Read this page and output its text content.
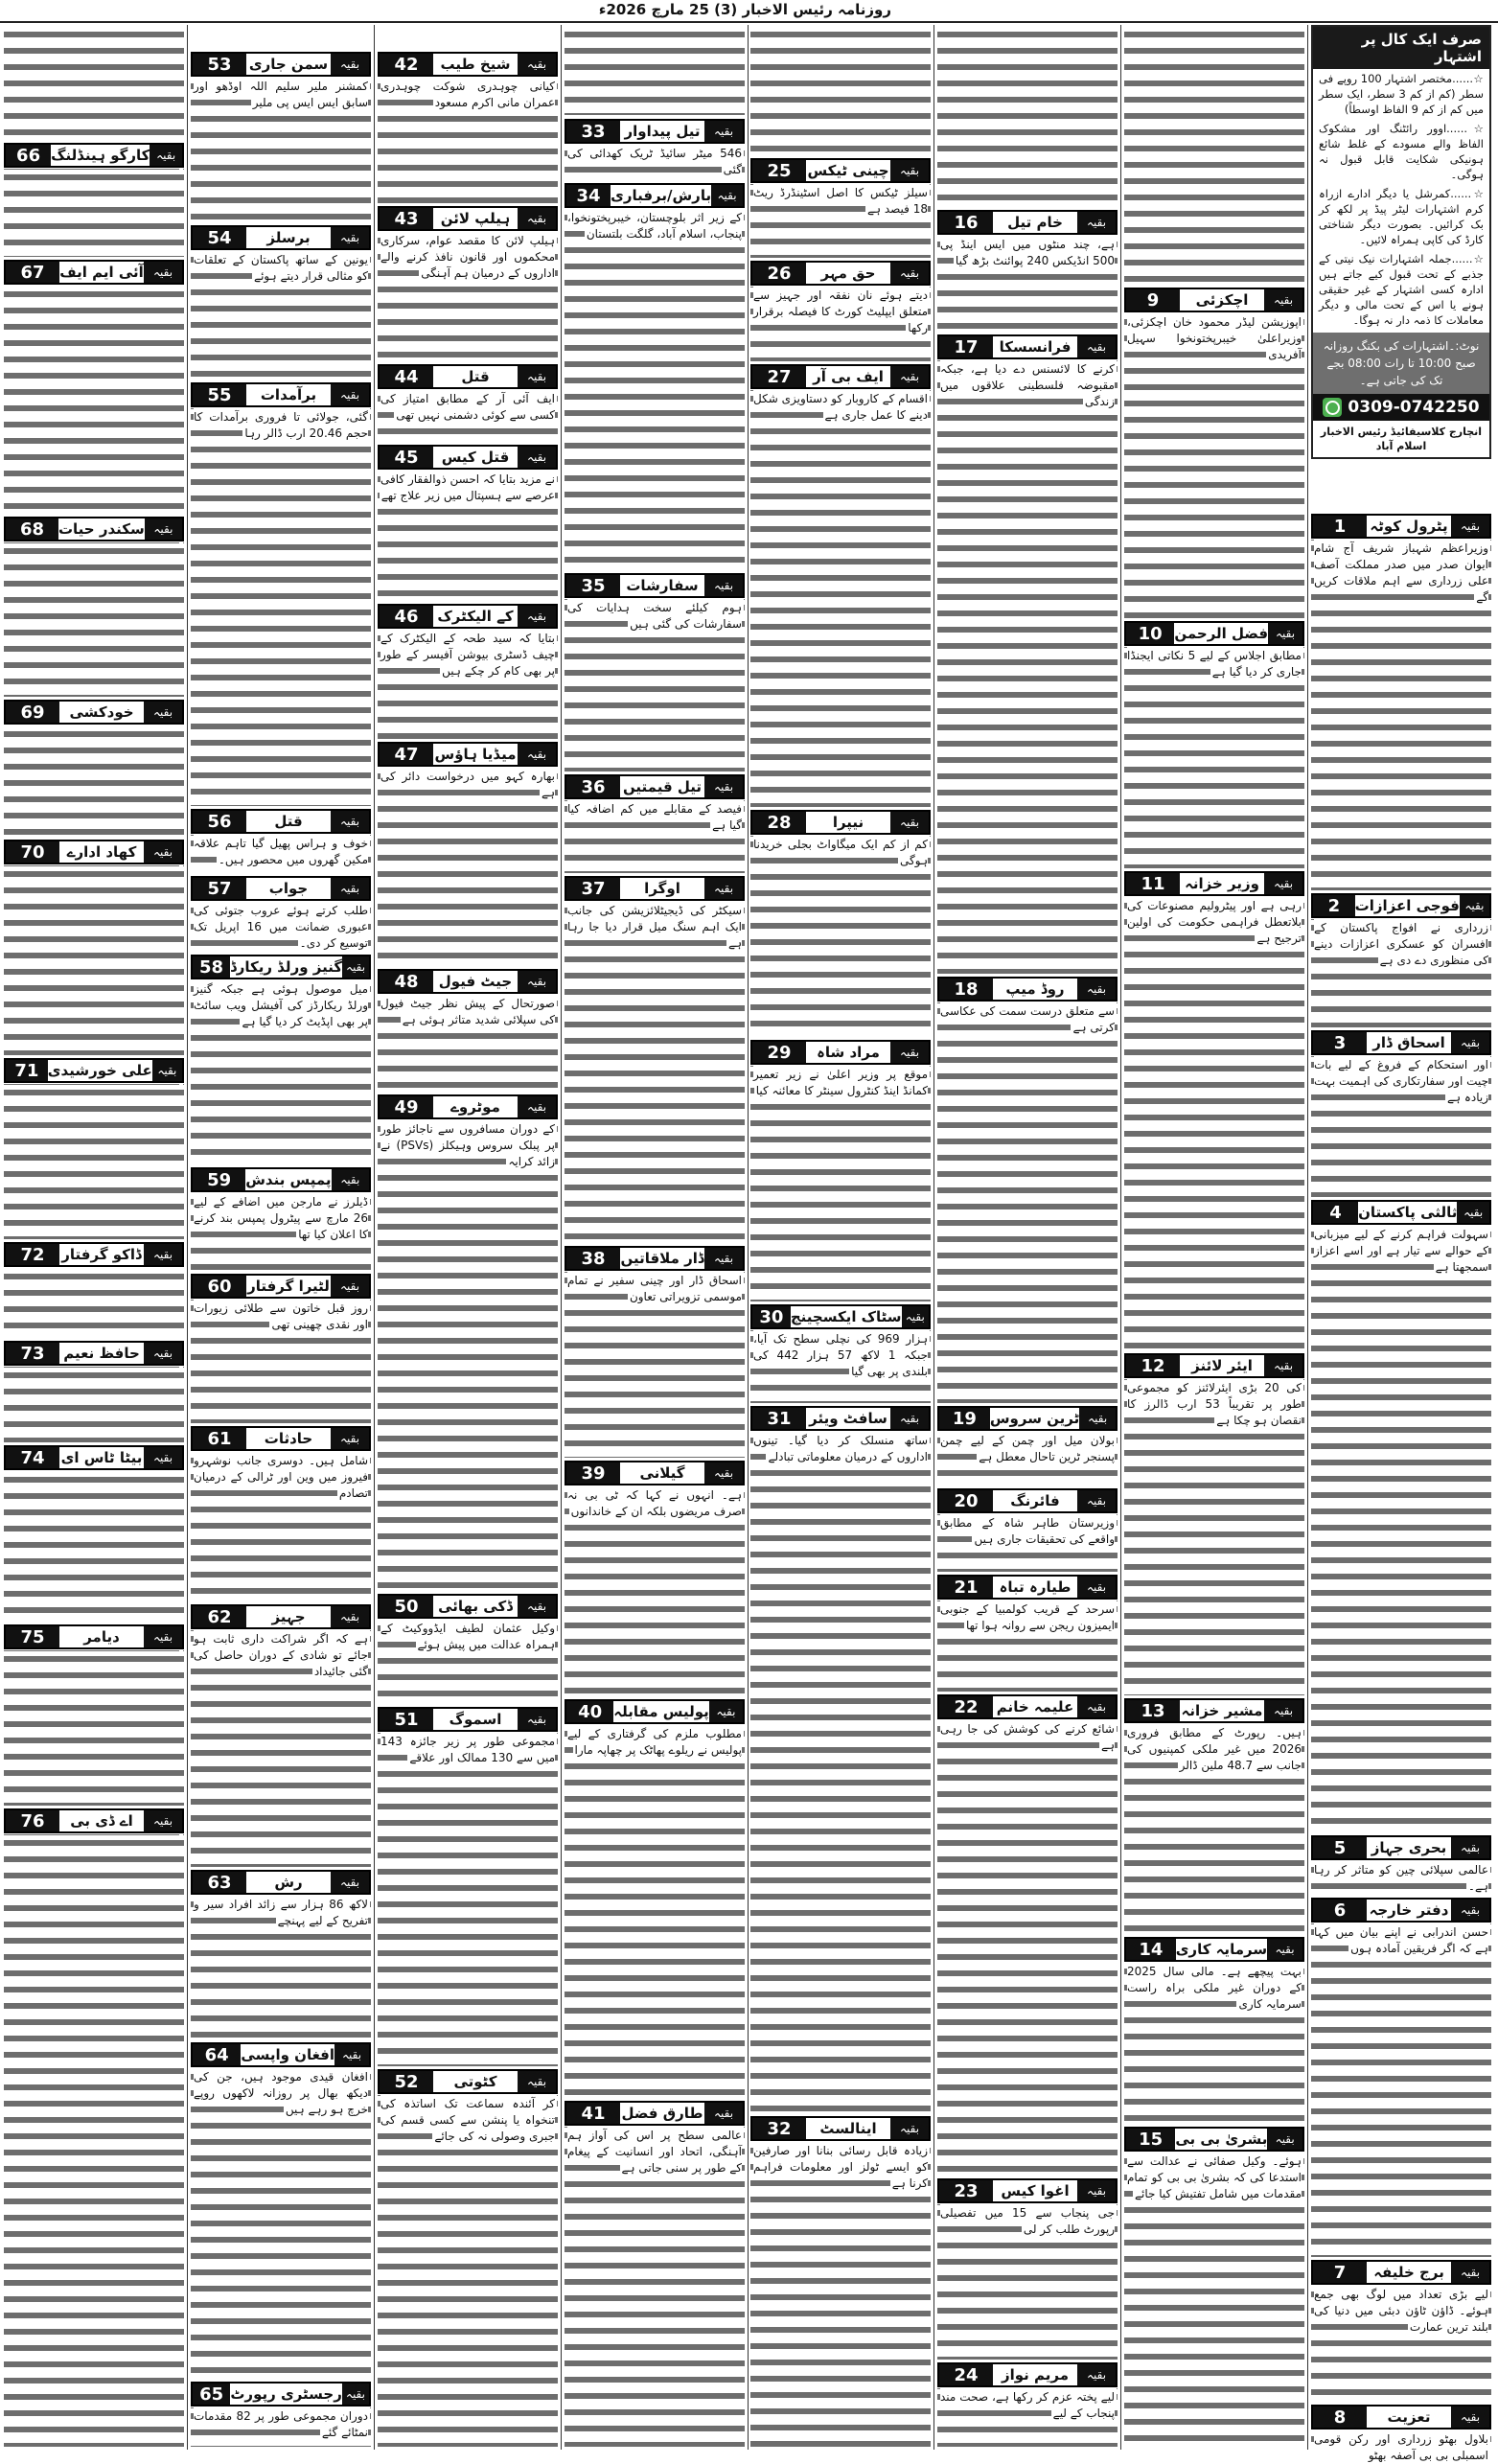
صرف ایک کال پر اشتہار
☆......مختصر اشتہار 100 روپے فی سطر (کم از کم 3 سطر، ایک سطر میں کم از کم 9 الفاظ اوسطاً)
☆......اوور رائٹنگ اور مشکوک الفاظ والے مسودے کے غلط شائع ہونیکی شکایت قابل قبول نہ ہوگی۔
☆......کمرشل یا دیگر ادارے ازراہ کرم اشتہارات لیٹر پیڈ پر لکھ کر بک کرائیں۔ بصورت دیگر شناختی کارڈ کی کاپی ہمراہ لائیں۔
☆......جملہ اشتہارات نیک نیتی کے جذبے کے تحت قبول کیے جاتے ہیں ادارہ کسی اشتہار کے غیر حقیقی ہونے یا اس کے تحت مالی و دیگر معاملات کا ذمہ دار نہ ہوگا۔
نوٹ:۔اشتہارات کی بکنگ روزانہ صبح 10:00 تا رات 08:00 بجے تک کی جاتی ہے۔
0309-0742250
انچارج کلاسیفائیڈ رئیس الاخبار اسلام آباد
1	پٹرول کوٹہ	بقیہ
وزیراعظم شہباز شریف آج شام ایوان صدر میں صدر مملکت آصف علی زرداری سے اہم ملاقات کریں گے
2	فوجی اعزازات بقیہ
زرداری نے افواج پاکستان کے افسران کو عسکری اعزازات دینے کی منظوری دے دی ہے
3	اسحاق ڈار	بقیہ
اور استحکام کے فروغ کے لیے بات چیت اور سفارتکاری کی اہمیت بہت زیادہ ہے
4	ثالثی پاکستان بقیہ
سہولت فراہم کرنے کے لیے میزبانی کے حوالے سے تیار ہے اور اسے اعزاز سمجھتا ہے
5	بحری جہاز	بقیہ
عالمی سپلائی چین کو متاثر کر رہا ہے۔
6	دفتر خارجہ	بقیہ
حسن اندرابی نے اپنے بیان میں کہا ہے کہ اگر فریقین آمادہ ہوں
7	برج خلیفہ	بقیہ
لیے بڑی تعداد میں لوگ بھی جمع ہوئے۔ ڈاؤن ٹاؤن دبئی میں دنیا کی بلند ترین عمارت
8	تعزیت	بقیہ
بلاول بھٹو زرداری اور رکن قومی اسمبلی بی بی آصفہ بھٹو
9	اچکزئی	بقیہ
اپوزیشن لیڈر محمود خان اچکزئی، وزیراعلیٰ خیبرپختونخوا سہیل آفریدی
10 فضل الرحمن بقیہ
مطابق اجلاس کے لیے 5 نکاتی ایجنڈا جاری کر دیا گیا ہے
11	وزیر خزانہ	بقیہ
رہی ہے اور پیٹرولیم مصنوعات کی بلاتعطل فراہمی حکومت کی اولین ترجیح ہے
12	ایئر لائنز	بقیہ
کی 20 بڑی ایئرلائنز کو مجموعی طور پر تقریباً 53 ارب ڈالرز کا نقصان ہو چکا ہے
13	مشیر خزانہ بقیہ
ہیں۔ رپورٹ کے مطابق فروری 2026 میں غیر ملکی کمپنیوں کی جانب سے 48.7 ملین ڈالر
14 سرمایہ کاری بقیہ
بہت پیچھے ہے۔ مالی سال 2025 کے دوران غیر ملکی براہ راست سرمایہ کاری
15 بشریٰ بی بی بقیہ
ہوئے۔ وکیل صفائی نے عدالت سے استدعا کی کہ بشریٰ بی بی کو تمام مقدمات میں شامل تفتیش کیا جائے
16	خام تیل	بقیہ
ہے، چند منٹوں میں ایس اینڈ پی 500 انڈیکس 240 پوائنٹ بڑھ گیا
17	فرانسسکا	بقیہ
کرنے کا لائسنس دے دیا ہے، جبکہ مقبوضہ فلسطینی علاقوں میں زندگی
18	روڈ میپ	بقیہ
سے متعلق درست سمت کی عکاسی کرتی ہے
19 ٹرین سروس بقیہ
بولان میل اور چمن کے لیے چمن پسنجر ٹرین تاحال معطل ہے
20	فائرنگ	بقیہ
وزیرستان طاہر شاہ کے مطابق واقعے کی تحقیقات جاری ہیں
21	طیارہ تباہ	بقیہ
سرحد کے قریب کولمبیا کے جنوبی ایمیزون ریجن سے روانہ ہوا تھا
22	علیمہ خانم	بقیہ
شائع کرنے کی کوشش کی جا رہی ہے
23	اغوا کیس	بقیہ
جی پنجاب سے 15 میں تفصیلی رپورٹ طلب کر لی
24	مریم نواز	بقیہ
لیے پختہ عزم کر رکھا ہے، صحت مند پنجاب کے لیے
25	چینی ٹیکس بقیہ
سیلز ٹیکس کا اصل اسٹینڈرڈ ریٹ 18 فیصد ہے
26	حق مہر	بقیہ
دیتے ہوئے نان نفقہ اور جہیز سے متعلق ایپلیٹ کورٹ کا فیصلہ برقرار رکھا
27	ایف بی آر	بقیہ
اقسام کے کاروبار کو دستاویزی شکل دینے کا عمل جاری ہے
28	نیپرا	بقیہ
کم از کم ایک میگاواٹ بجلی خریدنا ہوگی
29	مراد شاہ	بقیہ
موقع پر وزیر اعلیٰ نے زیر تعمیر کمانڈ اینڈ کنٹرول سینٹر کا معائنہ کیا
30 سٹاک ایکسچینج بقیہ
ہزار 969 کی نچلی سطح تک آیا، جبکہ 1 لاکھ 57 ہزار 442 کی بلندی پر بھی گیا
31	سافٹ ویئر	بقیہ
ساتھ منسلک کر دیا گیا۔ تینوں اداروں کے درمیان معلوماتی تبادلے
32	اینالسٹ	بقیہ
زیادہ قابل رسائی بنانا اور صارفین کو ایسے ٹولز اور معلومات فراہم کرنا ہے
33	تیل پیداوار	بقیہ
546 میٹر سائیڈ ٹریک کھدائی کی گئی
34 بارش/برفباری بقیہ
کے زیر اثر بلوچستان، خیبرپختونخوا، پنجاب، اسلام آباد، گلگت بلتستان
35	سفارشات	بقیہ
ہوم کیلئے سخت ہدایات کی سفارشات کی گئی ہیں
36	تیل قیمتیں	بقیہ
فیصد کے مقابلے میں کم اضافہ کیا گیا ہے
37	اوگرا	بقیہ
سیکٹر کی ڈیجیٹلائزیشن کی جانب ایک اہم سنگ میل قرار دیا جا رہا ہے
38	ڈار ملاقاتیں بقیہ
اسحاق ڈار اور چینی سفیر نے تمام موسمی تزویراتی تعاون
39	گیلانی	بقیہ
ہے۔ انہوں نے کہا کہ ٹی بی نہ صرف مریضوں بلکہ ان کے خاندانوں
40 پولیس مقابلہ بقیہ
مطلوب ملزم کی گرفتاری کے لیے پولیس نے ریلوے پھاٹک پر چھاپہ مارا
41	طارق فضل بقیہ
عالمی سطح پر اس کی آواز ہم آہنگی، اتحاد اور انسانیت کے پیغام کے طور پر سنی جاتی ہے
42	شیخ طیب	بقیہ
کیانی چوہدری شوکت چوہدری عمران مانی اکرم مسعود
43	ہیلپ لائن	بقیہ
ہیلپ لائن کا مقصد عوام، سرکاری محکموں اور قانون نافذ کرنے والے اداروں کے درمیان ہم آہنگی
44	قتل	بقیہ
ایف آئی آر کے مطابق امتیاز کی کسی سے کوئی دشمنی نہیں تھی
45	قتل کیس	بقیہ
نے مزید بتایا کہ احسن ذوالفقار کافی عرصے سے ہسپتال میں زیر علاج تھے
46	کے الیکٹرک	بقیہ
بتایا کہ سید طحہ کے الیکٹرک کے چیف ڈسٹری بیوشن آفیسر کے طور پر بھی کام کر چکے ہیں
47	میڈیا ہاؤس بقیہ
بھارہ کہو میں درخواست دائر کی ہے
48	جیٹ فیول	بقیہ
صورتحال کے پیش نظر جیٹ فیول کی سپلائی شدید متاثر ہوئی ہے
49	موٹروے	بقیہ
کے دوران مسافروں سے ناجائز طور پر پبلک سروس وہیکلز (PSVs) نے زائد کرایہ
50	ڈکی بھائی	بقیہ
وکیل عثمان لطیف ایڈووکیٹ کے ہمراہ عدالت میں پیش ہوئے
51	اسموگ	بقیہ
مجموعی طور پر زیر جائزہ 143 میں سے 130 ممالک اور علاقے
52	کٹوتی	بقیہ
کر آئندہ سماعت تک اساتذہ کی تنخواہ یا پنشن سے کسی قسم کی جبری وصولی نہ کی جائے
53	سمن جاری	بقیہ
کمشنر ملیر سلیم اللہ اوڈھو اور سابق ایس ایس پی ملیر
54	برسلز	بقیہ
یونین کے ساتھ پاکستان کے تعلقات کو مثالی قرار دیتے ہوئے
55	برآمدات	بقیہ
گئی، جولائی تا فروری برآمدات کا حجم 20.46 ارب ڈالر رہا
56	قتل	بقیہ
خوف و ہراس پھیل گیا تاہم علاقہ مکین گھروں میں محصور ہیں۔
57	جواب	بقیہ
طلب کرتے ہوئے عروب جتوئی کی عبوری ضمانت میں 16 اپریل تک توسیع کر دی۔
58 گنیز ورلڈ ریکارڈ بقیہ
میل موصول ہوئی ہے جبکہ گنیز ورلڈ ریکارڈز کی آفیشل ویب سائٹ پر بھی اپڈیٹ کر دیا گیا ہے
59	پمپس بندش بقیہ
ڈیلرز نے مارجن میں اضافے کے لیے 26 مارچ سے پیٹرول پمپس بند کرنے کا اعلان کیا تھا
60	لٹیرا گرفتار بقیہ
روز قبل خاتون سے طلائی زیورات اور نقدی چھینی تھی
61	حادثات	بقیہ
شامل ہیں۔ دوسری جانب نوشہرو فیروز میں وین اور ٹرالی کے درمیان تصادم
62	جہیز	بقیہ
ہے کہ اگر شراکت داری ثابت ہو جائے تو شادی کے دوران حاصل کی گئی جائیداد
63	رش	بقیہ
لاکھ 86 ہزار سے زائد افراد سیر و تفریح کے لیے پہنچے
64 افغان واپسی بقیہ
افغان قیدی موجود ہیں، جن کی دیکھ بھال پر روزانہ لاکھوں روپے خرچ ہو رہے ہیں
65 رجسٹری رپورٹ بقیہ
دوران مجموعی طور پر 82 مقدمات نمٹائے گئے
66 کارگو ہینڈلنگ بقیہ
67	آئی ایم ایف بقیہ
68 سکندر حیات بقیہ
69	خودکشی	بقیہ
70	کھاد ادارے	بقیہ
71 علی خورشیدی بقیہ
72	ڈاکو گرفتار	بقیہ
73	حافظ نعیم	بقیہ
74	بیٹا ٹاس ای بقیہ
75	دیامر	بقیہ
76	اے ڈی بی	بقیہ
روزنامہ رئیس الاخبار (3) 25 مارچ 2026ء
